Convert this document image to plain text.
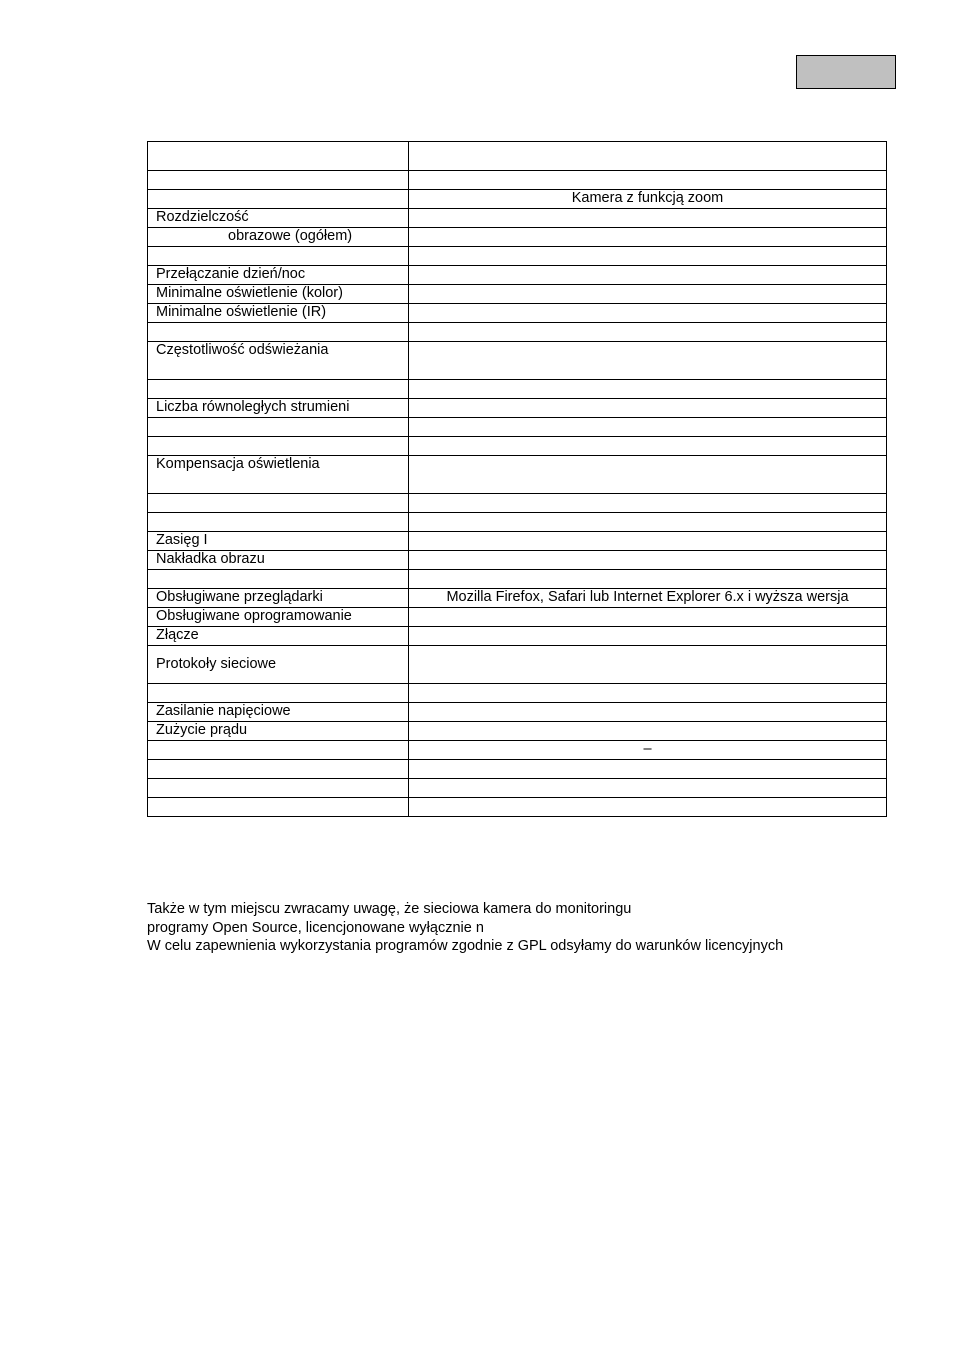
	Kamera z funkcją zoom
Rozdzielczość	
obrazowe (ogółem)	

Przełączanie dzień/noc	
Minimalne oświetlenie (kolor)	
Minimalne oświetlenie (IR)	

Częstotliwość odświeżania	

Liczba równoległych strumieni	

Kompensacja oświetlenia	

Zasięg I	
Nakładka obrazu	

Obsługiwane przeglądarki	Mozilla Firefox, Safari lub Internet Explorer 6.x i wyższa wersja
Obsługiwane oprogramowanie	
Złącze	
Protokoły sieciowe	

Zasilanie napięciowe	
Zużycie prądu	
	–

Także w tym miejscu zwracamy uwagę, że sieciowa kamera do monitoringu

programy Open Source, licencjonowane wyłącznie n

W celu zapewnienia wykorzystania programów zgodnie z GPL odsyłamy do warunków licencyjnych
